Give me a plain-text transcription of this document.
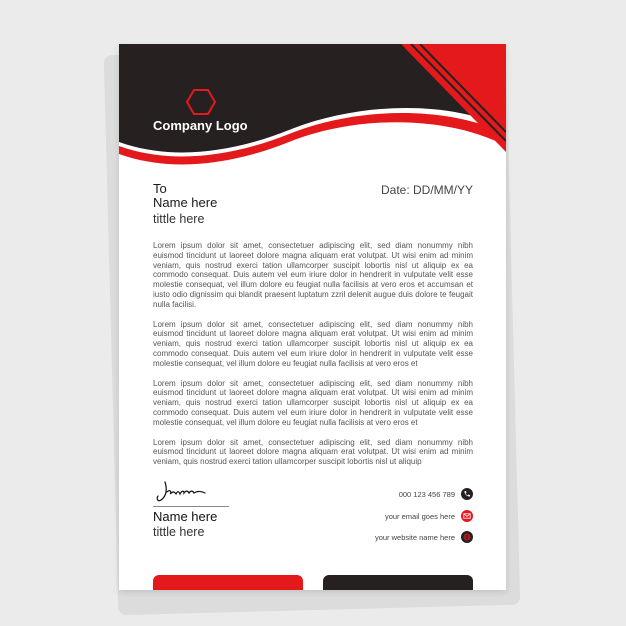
Company Logo
To
Name here
tittle here
Date: DD/MM/YY

Lorem ipsum dolor sit amet, consectetuer adipiscing elit, sed diam nonummy nibh euismod tincidunt ut laoreet dolore magna aliquam erat volutpat. Ut wisi enim ad minim veniam, quis nostrud exerci tation ullamcorper suscipit lobortis nisl ut aliquip ex ea commodo consequat. Duis autem vel eum iriure dolor in hendrerit in vulputate velit esse molestie consequat, vel illum dolore eu feugiat nulla facilisis at vero eros et accumsan et iusto odio dignissim qui blandit praesent luptatum zzril delenit augue duis dolore te feugait nulla facilisi.

Lorem ipsum dolor sit amet, consectetuer adipiscing elit, sed diam nonummy nibh euismod tincidunt ut laoreet dolore magna aliquam erat volutpat. Ut wisi enim ad minim veniam, quis nostrud exerci tation ullamcorper suscipit lobortis nisl ut aliquip ex ea commodo consequat. Duis autem vel eum iriure dolor in hendrerit in vulputate velit esse molestie consequat, vel illum dolore eu feugiat nulla facilisis at vero eros et

Lorem ipsum dolor sit amet, consectetuer adipiscing elit, sed diam nonummy nibh euismod tincidunt ut laoreet dolore magna aliquam erat volutpat. Ut wisi enim ad minim veniam, quis nostrud exerci tation ullamcorper suscipit lobortis nisl ut aliquip ex ea commodo consequat. Duis autem vel eum iriure dolor in hendrerit in vulputate velit esse molestie consequat, vel illum dolore eu feugiat nulla facilisis at vero eros et

Lorem ipsum dolor sit amet, consectetuer adipiscing elit, sed diam nonummy nibh euismod tincidunt ut laoreet dolore magna aliquam erat volutpat. Ut wisi enim ad minim veniam, quis nostrud exerci tation ullamcorper suscipit lobortis nisl ut aliquip

Name here
tittle here
000 123 456 789
your email goes here
your website name here
